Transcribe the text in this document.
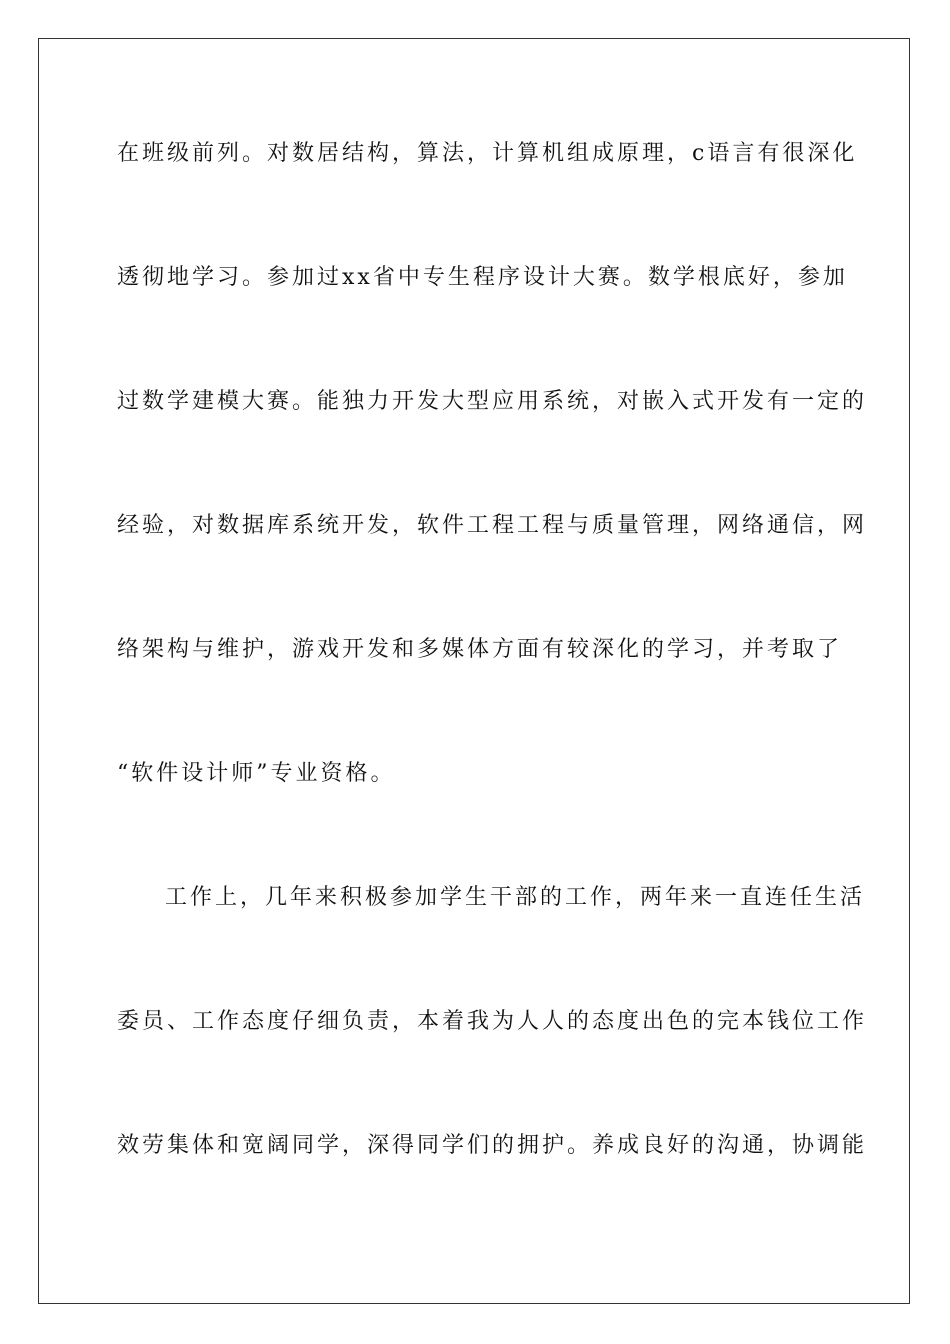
在班级前列。对数居结构，算法，计算机组成原理，c语言有很深化
透彻地学习。参加过xx省中专生程序设计大赛。数学根底好，参加
过数学建模大赛。能独力开发大型应用系统，对嵌入式开发有一定的
经验，对数据库系统开发，软件工程工程与质量管理，网络通信，网
络架构与维护，游戏开发和多媒体方面有较深化的学习，并考取了
“软件设计师”专业资格。
工作上，几年来积极参加学生干部的工作，两年来一直连任生活
委员、工作态度仔细负责，本着我为人人的态度出色的完本钱位工作
效劳集体和宽阔同学，深得同学们的拥护。养成良好的沟通，协调能
